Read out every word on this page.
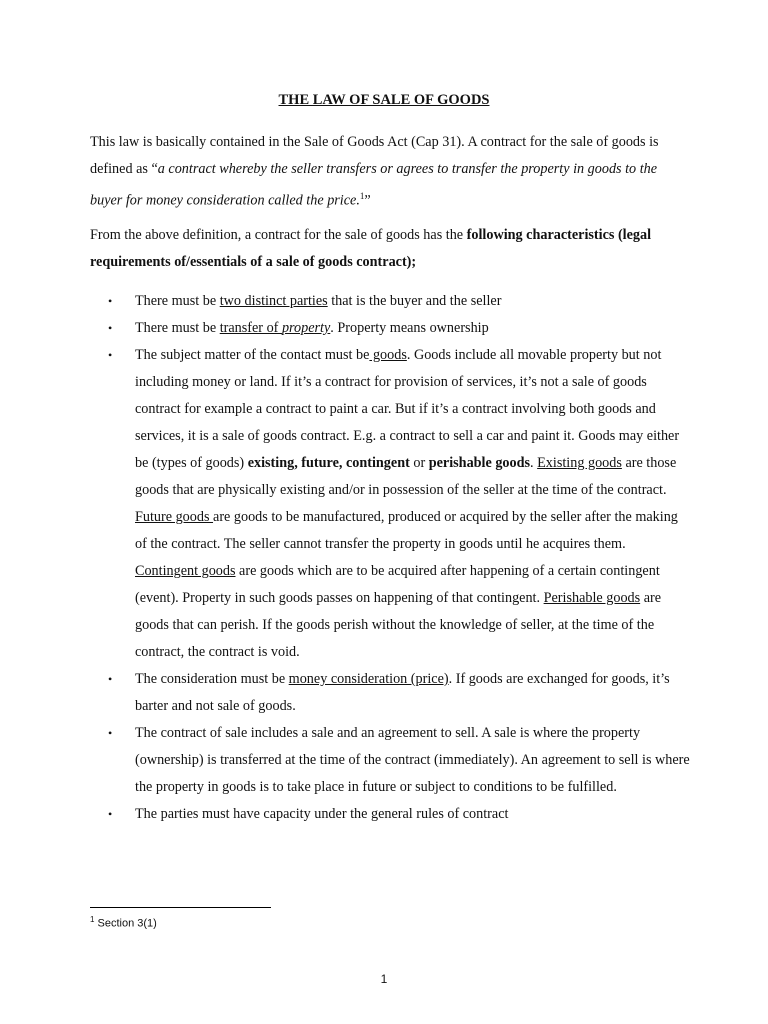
THE LAW OF SALE OF GOODS

This law is basically contained in the Sale of Goods Act (Cap 31). A contract for the sale of goods is defined as “a contract whereby the seller transfers or agrees to transfer the property in goods to the buyer for money consideration called the price.$^1$”

From the above definition, a contract for the sale of goods has the following characteristics (legal requirements of/essentials of a sale of goods contract);

• There must be two distinct parties that is the buyer and the seller
• There must be transfer of property. Property means ownership
• The subject matter of the contact must be goods. Goods include all movable property but not including money or land. If it’s a contract for provision of services, it’s not a sale of goods contract for example a contract to paint a car. But if it’s a contract involving both goods and services, it is a sale of goods contract. E.g. a contract to sell a car and paint it. Goods may either be (types of goods) existing, future, contingent or perishable goods. Existing goods are those goods that are physically existing and/or in possession of the seller at the time of the contract. Future goods are goods to be manufactured, produced or acquired by the seller after the making of the contract. The seller cannot transfer the property in goods until he acquires them. Contingent goods are goods which are to be acquired after happening of a certain contingent (event). Property in such goods passes on happening of that contingent. Perishable goods are goods that can perish. If the goods perish without the knowledge of seller, at the time of the contract, the contract is void.
• The consideration must be money consideration (price). If goods are exchanged for goods, it’s barter and not sale of goods.
• The contract of sale includes a sale and an agreement to sell. A sale is where the property (ownership) is transferred at the time of the contract (immediately). An agreement to sell is where the property in goods is to take place in future or subject to conditions to be fulfilled.
• The parties must have capacity under the general rules of contract
$^1$ Section 3(1)
1
